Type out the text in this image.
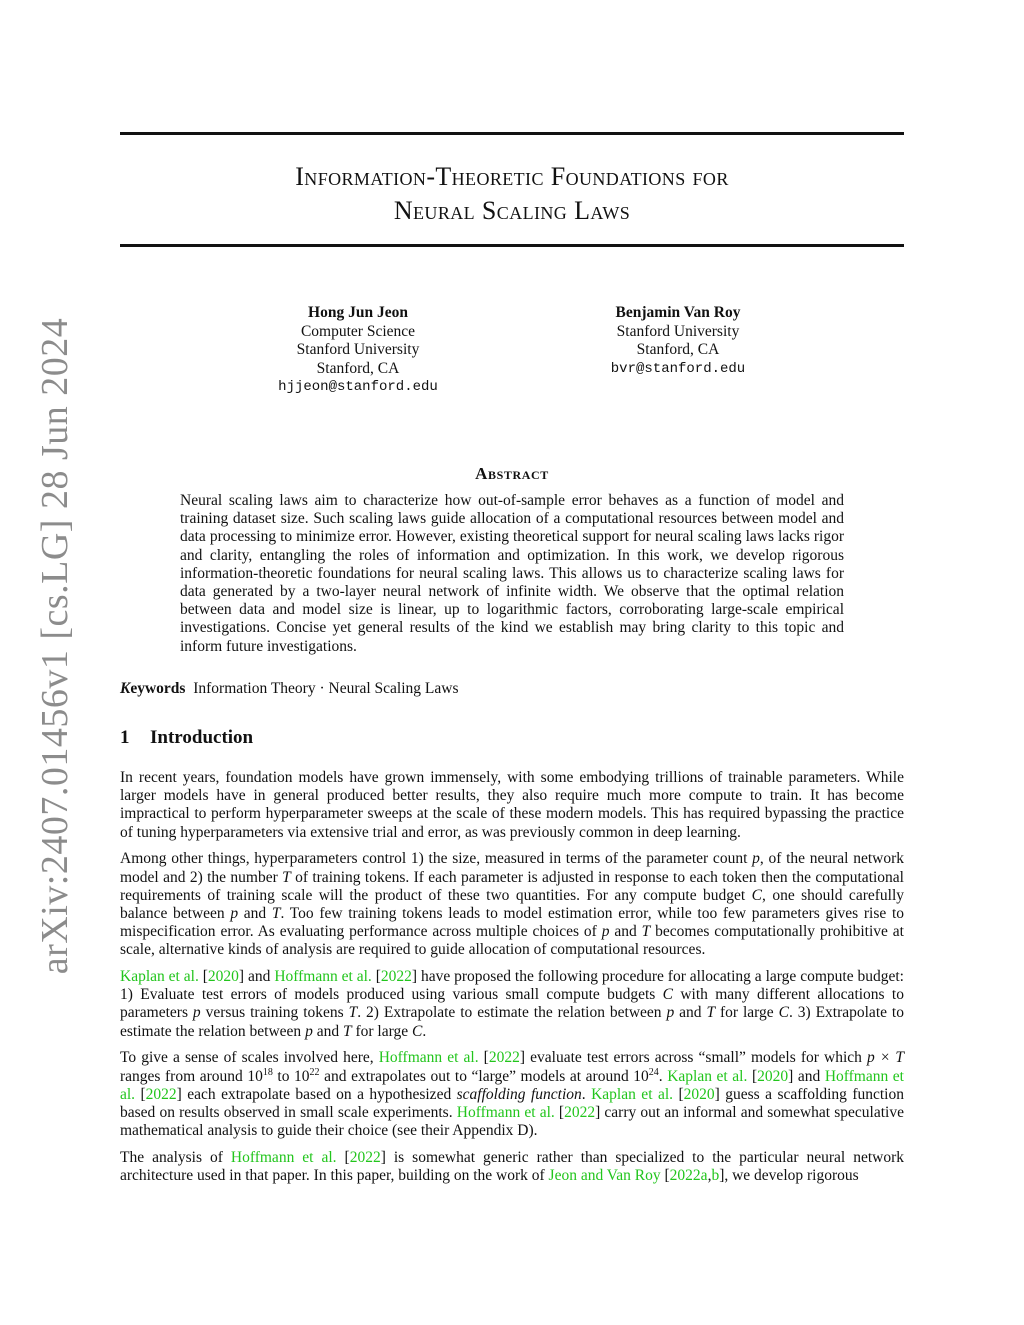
arXiv:2407.01456v1 [cs.LG] 28 Jun 2024
Information-Theoretic Foundations for
Neural Scaling Laws
Hong Jun Jeon
Computer Science
Stanford University
Stanford, CA
hjjeon@stanford.edu
Benjamin Van Roy
Stanford University
Stanford, CA
bvr@stanford.edu
Abstract
Neural scaling laws aim to characterize how out-of-sample error behaves as a function of model and training dataset size. Such scaling laws guide allocation of a computational resources between model and data processing to minimize error. However, existing theoretical support for neural scaling laws lacks rigor and clarity, entangling the roles of information and optimization. In this work, we develop rigorous information-theoretic foundations for neural scaling laws. This allows us to characterize scaling laws for data generated by a two-layer neural network of infinite width. We observe that the optimal relation between data and model size is linear, up to logarithmic factors, corroborating large-scale empirical investigations. Concise yet general results of the kind we establish may bring clarity to this topic and inform future investigations.
Keywords Information Theory · Neural Scaling Laws
1 Introduction

In recent years, foundation models have grown immensely, with some embodying trillions of trainable parameters. While larger models have in general produced better results, they also require much more compute to train. It has become impractical to perform hyperparameter sweeps at the scale of these modern models. This has required bypassing the practice of tuning hyperparameters via extensive trial and error, as was previously common in deep learning.

Among other things, hyperparameters control 1) the size, measured in terms of the parameter count p, of the neural network model and 2) the number T of training tokens. If each parameter is adjusted in response to each token then the computational requirements of training scale will the product of these two quantities. For any compute budget C, one should carefully balance between p and T. Too few training tokens leads to model estimation error, while too few parameters gives rise to mispecification error. As evaluating performance across multiple choices of p and T becomes computationally prohibitive at scale, alternative kinds of analysis are required to guide allocation of computational resources.

Kaplan et al. [2020] and Hoffmann et al. [2022] have proposed the following procedure for allocating a large compute budget: 1) Evaluate test errors of models produced using various small compute budgets C with many different allocations to parameters p versus training tokens T. 2) Extrapolate to estimate the relation between p and T for large C. 3) Extrapolate to estimate the relation between p and T for large C.

To give a sense of scales involved here, Hoffmann et al. [2022] evaluate test errors across “small” models for which p × T ranges from around $10^{18}$ to $10^{22}$ and extrapolates out to “large” models at around $10^{24}$. Kaplan et al. [2020] and Hoffmann et al. [2022] each extrapolate based on a hypothesized scaffolding function. Kaplan et al. [2020] guess a scaffolding function based on results observed in small scale experiments. Hoffmann et al. [2022] carry out an informal and somewhat speculative mathematical analysis to guide their choice (see their Appendix D).

The analysis of Hoffmann et al. [2022] is somewhat generic rather than specialized to the particular neural network architecture used in that paper. In this paper, building on the work of Jeon and Van Roy [2022a,b], we develop rigorous
